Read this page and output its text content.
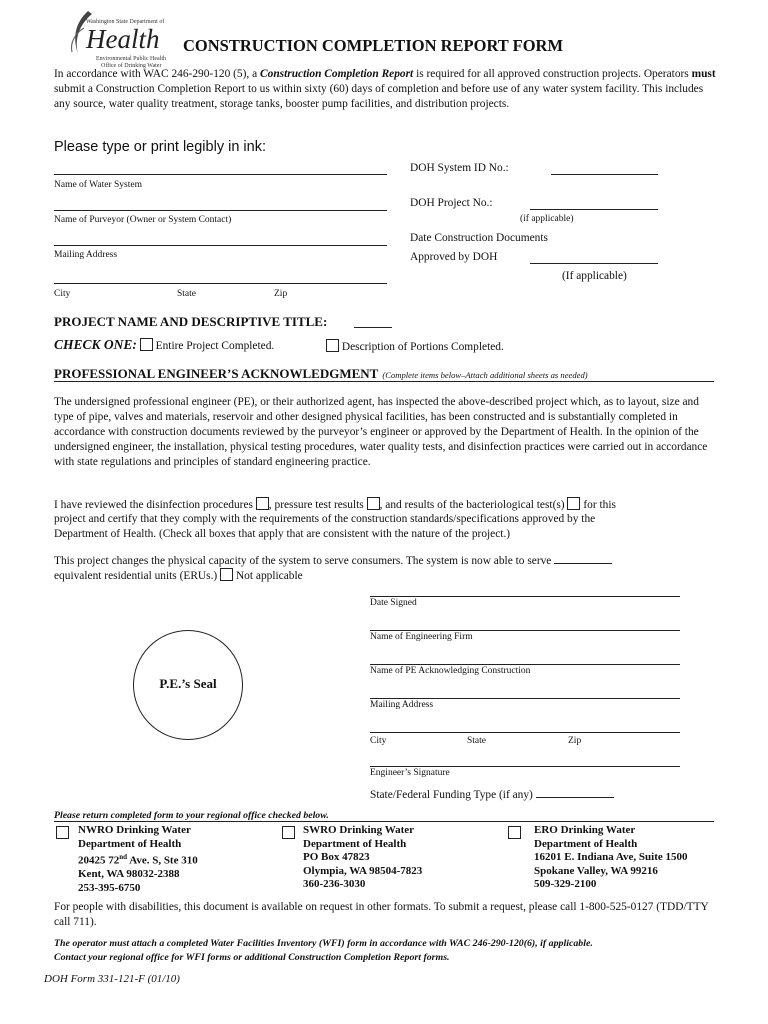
Washington State Department of
Health
Environmental Public Health
Office of Drinking Water
CONSTRUCTION COMPLETION REPORT FORM
In accordance with WAC 246-290-120 (5), a Construction Completion Report is required for all approved construction projects. Operators must submit a Construction Completion Report to us within sixty (60) days of completion and before use of any water system facility. This includes any source, water quality treatment, storage tanks, booster pump facilities, and distribution projects.
Please type or print legibly in ink:
Name of Water System
Name of Purveyor (Owner or System Contact)
Mailing Address
City	State	Zip
DOH System ID No.:
DOH Project No.:
(if applicable)
Date Construction Documents
Approved by DOH
(If applicable)
PROJECT NAME AND DESCRIPTIVE TITLE:
CHECK ONE: Entire Project Completed.	Description of Portions Completed.
PROFESSIONAL ENGINEER’S ACKNOWLEDGMENT (Complete items below–Attach additional sheets as needed)
The undersigned professional engineer (PE), or their authorized agent, has inspected the above-described project which, as to layout, size and type of pipe, valves and materials, reservoir and other designed physical facilities, has been constructed and is substantially completed in accordance with construction documents reviewed by the purveyor’s engineer or approved by the Department of Health. In the opinion of the undersigned engineer, the installation, physical testing procedures, water quality tests, and disinfection practices were carried out in accordance with state regulations and principles of standard engineering practice.
I have reviewed the disinfection procedures , pressure test results , and results of the bacteriological test(s) for this
project and certify that they comply with the requirements of the construction standards/specifications approved by the
Department of Health. (Check all boxes that apply that are consistent with the nature of the project.)
This project changes the physical capacity of the system to serve consumers. The system is now able to serve
equivalent residential units (ERUs.) Not applicable
P.E.’s Seal
Date Signed
Name of Engineering Firm
Name of PE Acknowledging Construction
Mailing Address
City	State	Zip
Engineer’s Signature
State/Federal Funding Type (if any)
Please return completed form to your regional office checked below.
NWRO Drinking Water
Department of Health
20425 72nd Ave. S, Ste 310
Kent, WA 98032-2388
253-395-6750
SWRO Drinking Water
Department of Health
PO Box 47823
Olympia, WA 98504-7823
360-236-3030
ERO Drinking Water
Department of Health
16201 E. Indiana Ave, Suite 1500
Spokane Valley, WA 99216
509-329-2100
For people with disabilities, this document is available on request in other formats. To submit a request, please call 1-800-525-0127 (TDD/TTY call 711).
The operator must attach a completed Water Facilities Inventory (WFI) form in accordance with WAC 246-290-120(6), if applicable.
Contact your regional office for WFI forms or additional Construction Completion Report forms.
DOH Form 331-121-F (01/10)
